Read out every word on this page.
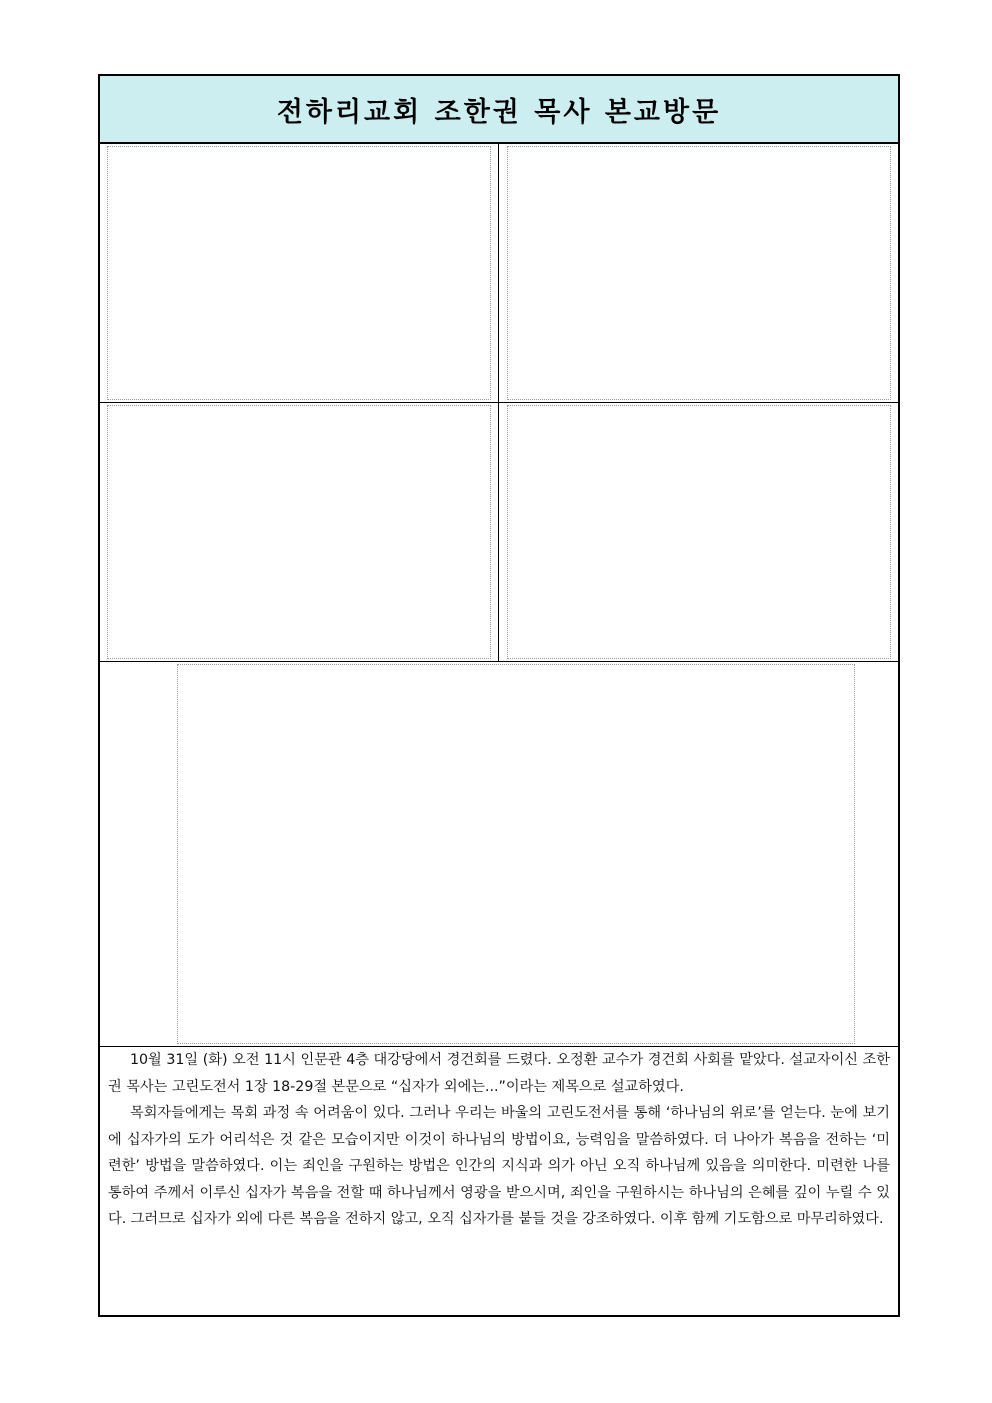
전하리교회 조한권 목사 본교방문

10월 31일 (화) 오전 11시 인문관 4층 대강당에서 경건회를 드렸다. 오정환 교수가 경건회 사회를 맡았다. 설교자이신 조한권 목사는 고린도전서 1장 18-29절 본문으로 “십자가 외에는...”이라는 제목으로 설교하였다.

목회자들에게는 목회 과정 속 어려움이 있다. 그러나 우리는 바울의 고린도전서를 통해 ‘하나님의 위로’를 얻는다. 눈에 보기에 십자가의 도가 어리석은 것 같은 모습이지만 이것이 하나님의 방법이요, 능력임을 말씀하였다. 더 나아가 복음을 전하는 ‘미련한’ 방법을 말씀하였다. 이는 죄인을 구원하는 방법은 인간의 지식과 의가 아닌 오직 하나님께 있음을 의미한다. 미련한 나를 통하여 주께서 이루신 십자가 복음을 전할 때 하나님께서 영광을 받으시며, 죄인을 구원하시는 하나님의 은혜를 깊이 누릴 수 있다. 그러므로 십자가 외에 다른 복음을 전하지 않고, 오직 십자가를 붙들 것을 강조하였다. 이후 함께 기도함으로 마무리하였다.
